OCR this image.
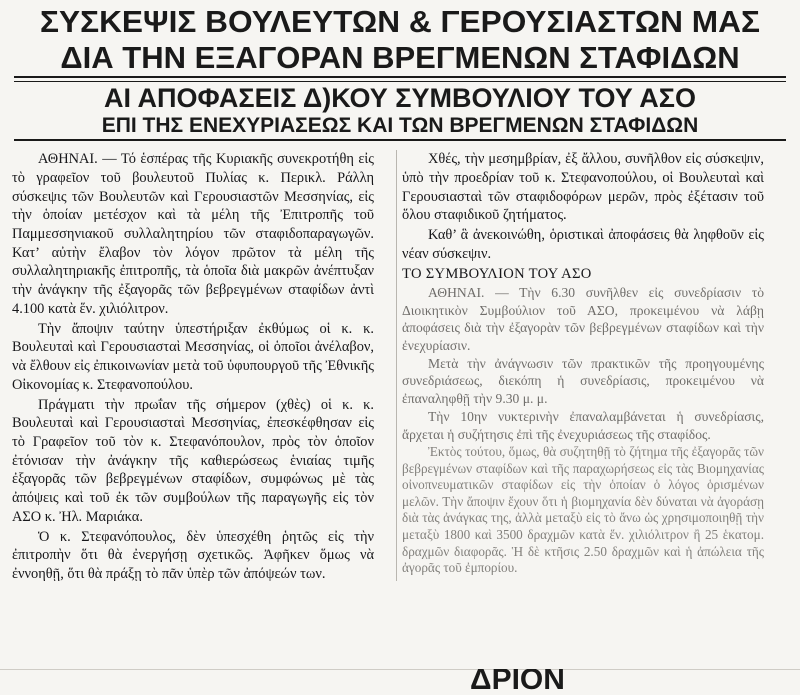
ΣΥΣΚΕΨΙΣ ΒΟΥΛΕΥΤΩΝ & ΓΕΡΟΥΣΙΑΣΤΩΝ ΜΑΣ
ΔΙΑ ΤΗΝ ΕΞΑΓΟΡΑΝ ΒΡΕΓΜΕΝΩΝ ΣΤΑΦΙΔΩΝ
ΑΙ ΑΠΟΦΑΣΕΙΣ Δ)ΚΟΥ ΣΥΜΒΟΥΛΙΟΥ ΤΟΥ ΑΣΟ
ΕΠΙ ΤΗΣ ΕΝΕΧΥΡΙΑΣΕΩΣ ΚΑΙ ΤΩΝ ΒΡΕΓΜΕΝΩΝ ΣΤΑΦΙΔΩΝ

ΑΘΗΝΑΙ. — Τό ἑσπέρας τῆς Κυριακῆς συνεκροτήθη εἰς τὸ γραφεῖον τοῦ βουλευτοῦ Πυλίας κ. Περικλ. Ράλλη σύσκεψις τῶν Βουλευτῶν καὶ Γερουσιαστῶν Μεσσηνίας, εἰς τὴν ὁποίαν μετέσχον καὶ τὰ μέλη τῆς Ἐπιτροπῆς τοῦ Παμμεσσηνιακοῦ συλλαλητηρίου τῶν σταφιδοπαραγωγῶν. Κατ’ αὐτὴν ἔλαβον τὸν λόγον πρῶτον τὰ μέλη τῆς συλλαλητηριακῆς ἐπιτροπῆς, τὰ ὁποῖα διὰ μακρῶν ἀνέπτυξαν τὴν ἀνάγκην τῆς ἐξαγορᾶς τῶν βεβρεγμένων σταφίδων ἀντὶ 4.100 κατὰ ἕν. χιλιόλιτρον.

Τὴν ἄποψιν ταύτην ὑπεστήριξαν ἐκθύμως οἱ κ. κ. Βουλευταὶ καὶ Γερουσιασταὶ Μεσσηνίας, οἱ ὁποῖοι ἀνέλαβον, νὰ ἔλθουν εἰς ἐπικοινωνίαν μετὰ τοῦ ὑφυπουργοῦ τῆς Ἐθνικῆς Οἰκονομίας κ. Στεφανοπούλου.

Πράγματι τὴν πρωΐαν τῆς σήμερον (χθὲς) οἱ κ. κ. Βουλευταὶ καὶ Γερουσιασταὶ Μεσσηνίας, ἐπεσκέφθησαν εἰς τὸ Γραφεῖον τοῦ τὸν κ. Στεφανόπουλον, πρὸς τὸν ὁποῖον ἐτόνισαν τὴν ἀνάγκην τῆς καθιερώσεως ἑνιαίας τιμῆς ἐξαγορᾶς τῶν βεβρεγμένων σταφίδων, συμφώνως μὲ τὰς ἀπόψεις καὶ τοῦ ἐκ τῶν συμβούλων τῆς παραγωγῆς εἰς τὸν ΑΣΟ κ. Ἠλ. Μαριάκα.

Ὁ κ. Στεφανόπουλος, δὲν ὑπεσχέθη ῥητῶς εἰς τὴν ἐπιτροπὴν ὅτι θὰ ἐνεργήσῃ σχετικῶς. Ἀφῆκεν ὅμως νὰ ἐννοηθῇ, ὅτι θὰ πράξῃ τὸ πᾶν ὑπὲρ τῶν ἀπόψεών των.

Χθές, τὴν μεσημβρίαν, ἐξ ἄλλου, συνῆλθον εἰς σύσκεψιν, ὑπὸ τὴν προεδρίαν τοῦ κ. Στεφανοπούλου, οἱ Βουλευταὶ καὶ Γερουσιασταὶ τῶν σταφιδοφόρων μερῶν, πρὸς ἐξέτασιν τοῦ ὅλου σταφιδικοῦ ζητήματος.

Καθ’ ἃ ἀνεκοινώθη, ὁριστικαὶ ἀποφάσεις θὰ ληφθοῦν εἰς νέαν σύσκεψιν.

ΤΟ ΣΥΜΒΟΥΛΙΟΝ ΤΟΥ ΑΣΟ

ΑΘΗΝΑΙ. — Τὴν 6.30 συνῆλθεν εἰς συνεδρίασιν τὸ Διοικητικὸν Συμβούλιον τοῦ ΑΣΟ, προκειμένου νὰ λάβῃ ἀποφάσεις διὰ τὴν ἐξαγορὰν τῶν βεβρεγμένων σταφίδων καὶ τὴν ἐνεχυρίασιν.

Μετὰ τὴν ἀνάγνωσιν τῶν πρακτικῶν τῆς προηγουμένης συνεδριάσεως, διεκόπη ἡ συνεδρίασις, προκειμένου νὰ ἐπαναληφθῇ τὴν 9.30 μ. μ.

Τὴν 10ην νυκτερινὴν ἐπαναλαμβάνεται ἡ συνεδρίασις, ἄρχεται ἡ συζήτησις ἐπὶ τῆς ἐνεχυριάσεως τῆς σταφίδος.

Ἐκτὸς τούτου, ὅμως, θὰ συζητηθῇ τὸ ζήτημα τῆς ἐξαγορᾶς τῶν βεβρεγμένων σταφίδων καὶ τῆς παραχωρήσεως εἰς τὰς Βιομηχανίας οἰνοπνευματικῶν σταφίδων εἰς τὴν ὁποίαν ὁ λόγος ὁρισμένων μελῶν. Τὴν ἄποψιν ἔχουν ὅτι ἡ βιομηχανία δὲν δύναται νὰ ἀγοράσῃ διὰ τὰς ἀνάγκας της, ἀλλὰ μεταξὺ εἰς τὸ ἄνω ὡς χρησιμοποιηθῇ τὴν μεταξὺ 1800 καὶ 3500 δραχμῶν κατὰ ἕν. χιλιόλιτρον ἢ 25 ἑκατομ. δραχμῶν διαφορᾶς. Ἡ δὲ κτῆσις 2.50 δραχμῶν καὶ ἡ ἀπώλεια τῆς ἀγορᾶς τοῦ ἐμπορίου.

ΔΡΙΟΝ
